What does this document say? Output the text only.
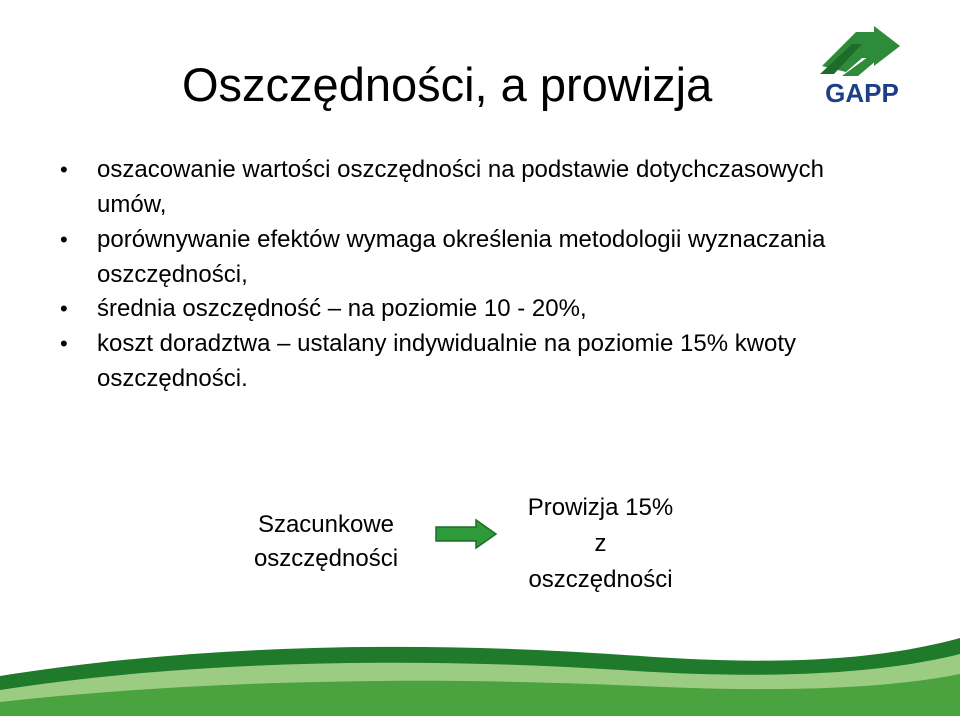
Oszczędności, a prowizja	GAPP
• oszacowanie wartości oszczędności na podstawie dotychczasowych umów,
• porównywanie efektów wymaga określenia metodologii wyznaczania oszczędności,
• średnia oszczędność – na poziomie 10 - 20%,
• koszt doradztwa – ustalany indywidualnie na poziomie 15% kwoty oszczędności.
Szacunkowe
oszczędności
Prowizja 15%
z
oszczędności
